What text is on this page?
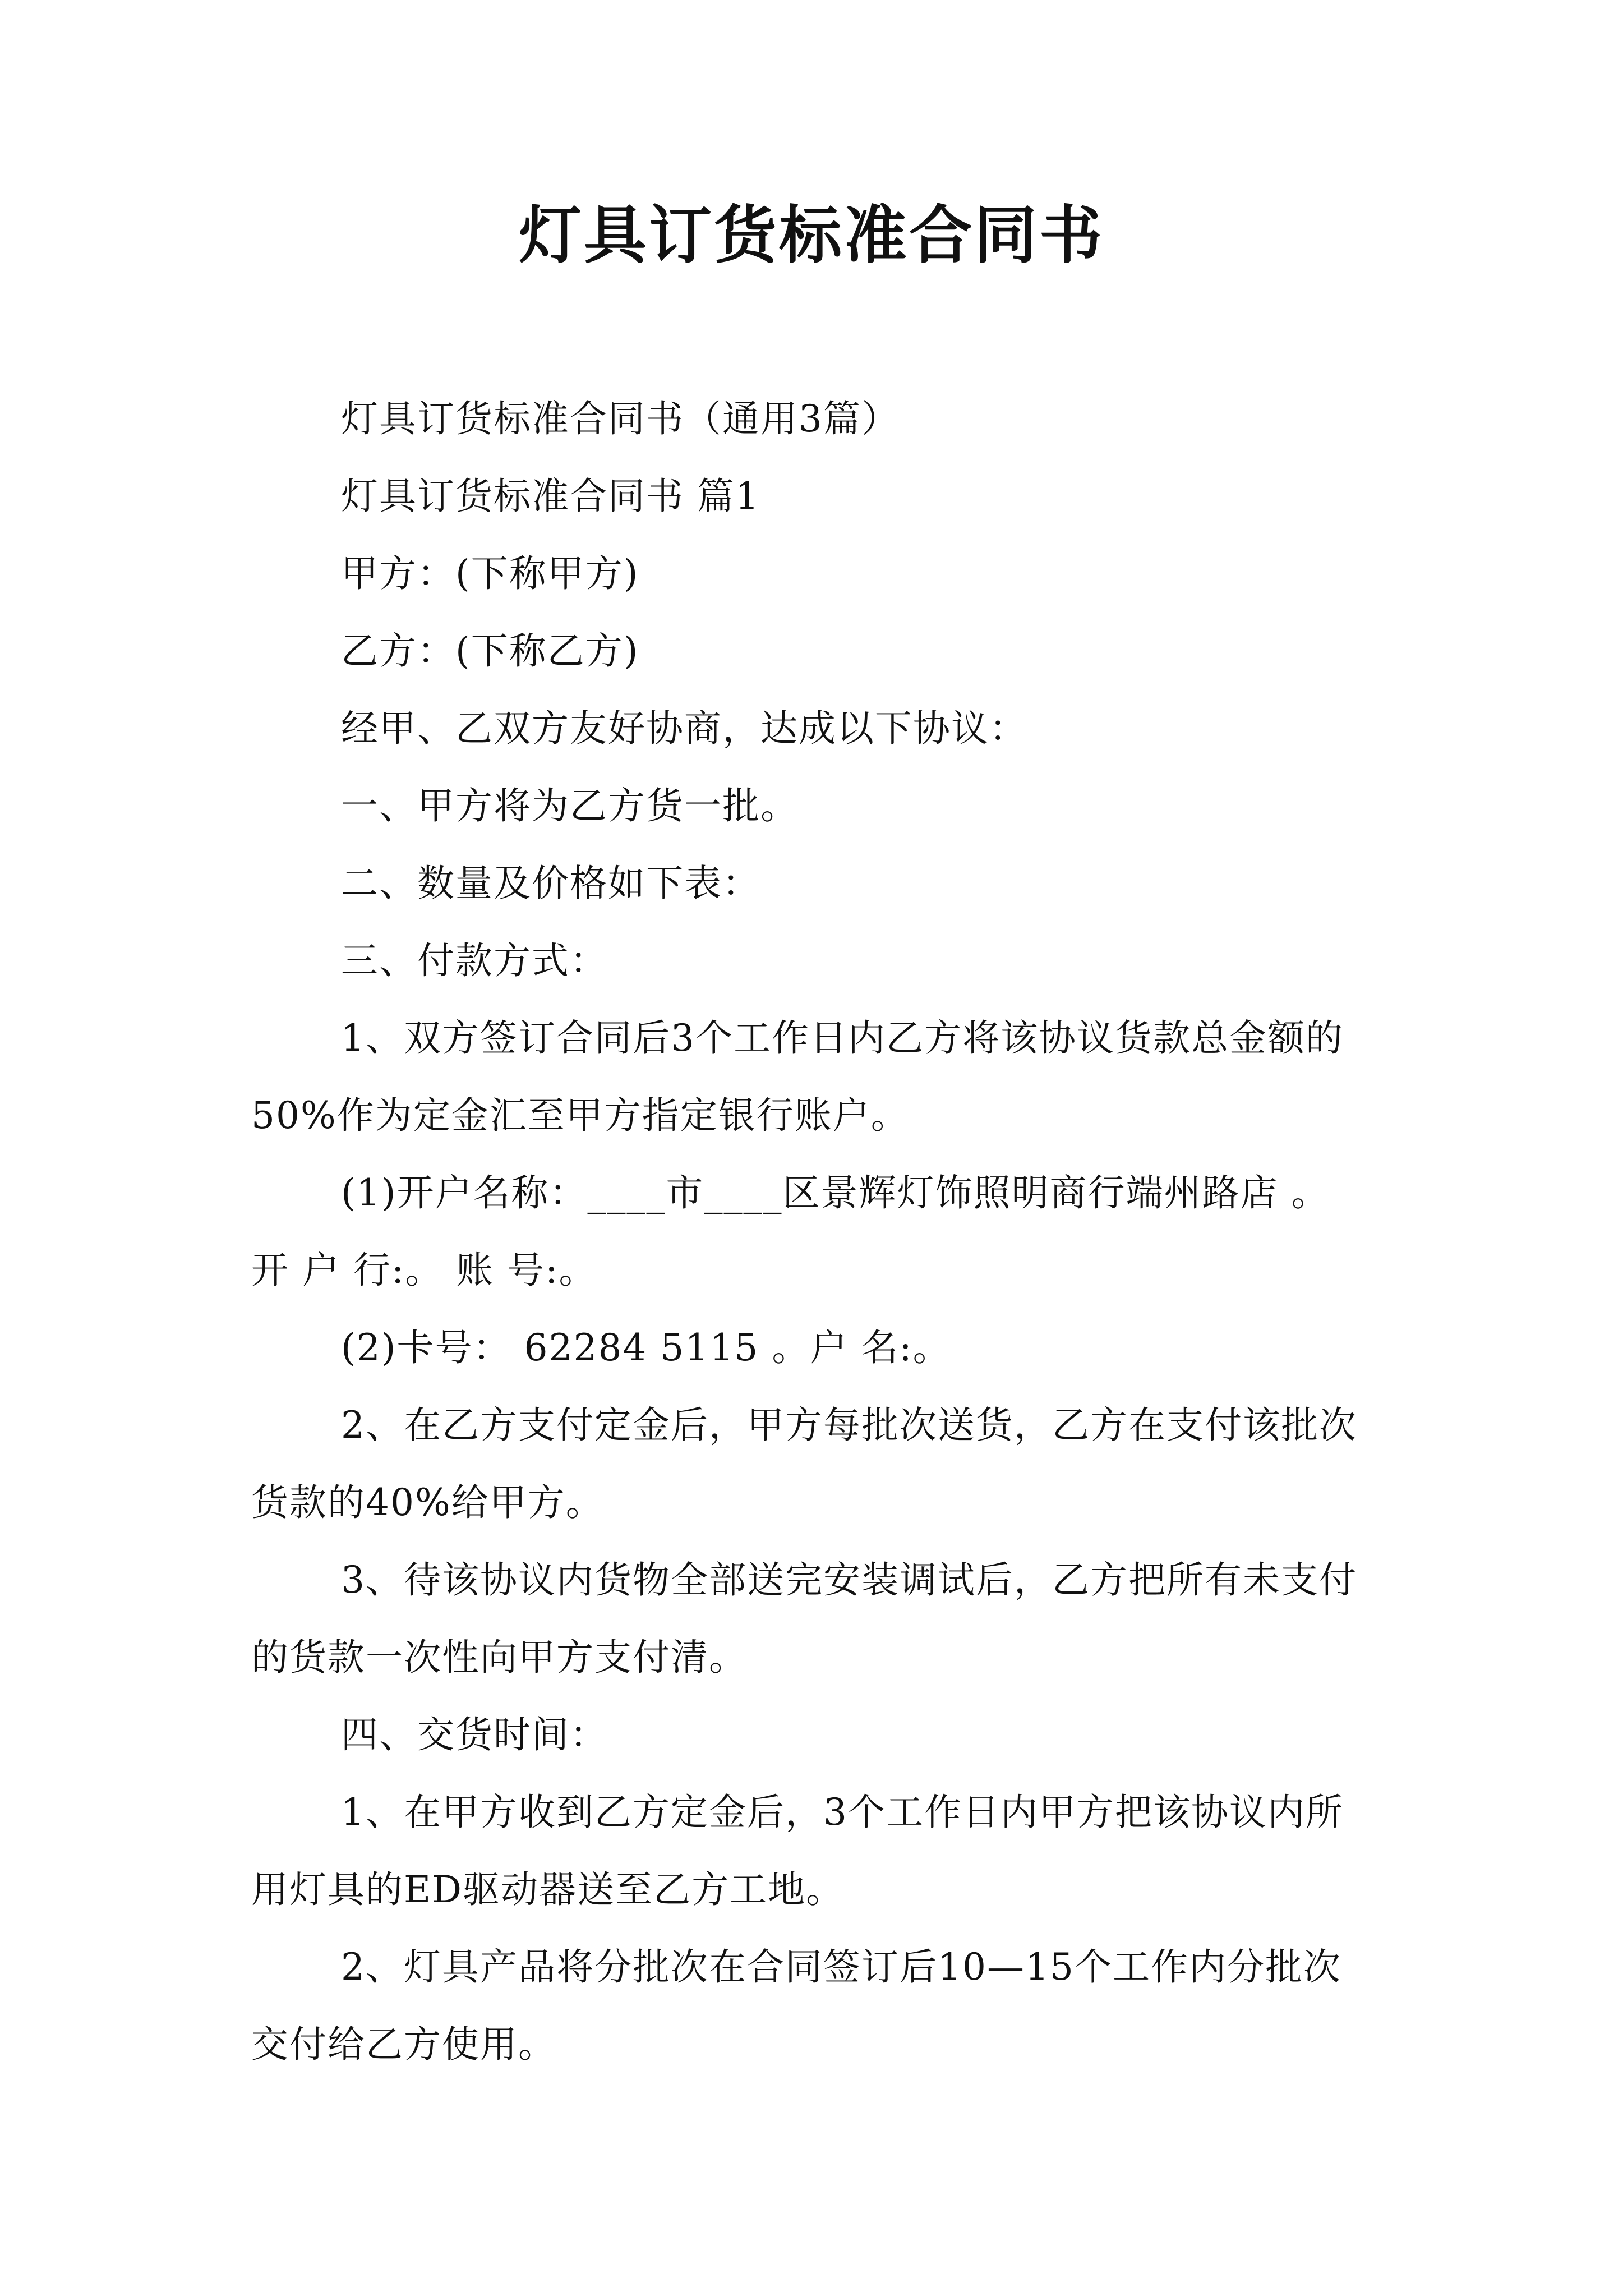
灯具订货标准合同书

灯具订货标准合同书（通用3篇）

灯具订货标准合同书 篇1

甲方：(下称甲方)

乙方：(下称乙方)

经甲、乙双方友好协商，达成以下协议：

一、甲方将为乙方货一批。

二、数量及价格如下表：

三、付款方式：

1、双方签订合同后3个工作日内乙方将该协议货款总金额的50%作为定金汇至甲方指定银行账户。

(1)开户名称：____市____区景辉灯饰照明商行端州路店 。 开 户 行:。 账 号:。

(2)卡号： 62284 5115 。户 名:。

2、在乙方支付定金后，甲方每批次送货，乙方在支付该批次货款的40%给甲方。

3、待该协议内货物全部送完安装调试后，乙方把所有未支付的货款一次性向甲方支付清。

四、交货时间：

1、在甲方收到乙方定金后，3个工作日内甲方把该协议内所用灯具的ED驱动器送至乙方工地。

2、灯具产品将分批次在合同签订后10—15个工作内分批次交付给乙方使用。
